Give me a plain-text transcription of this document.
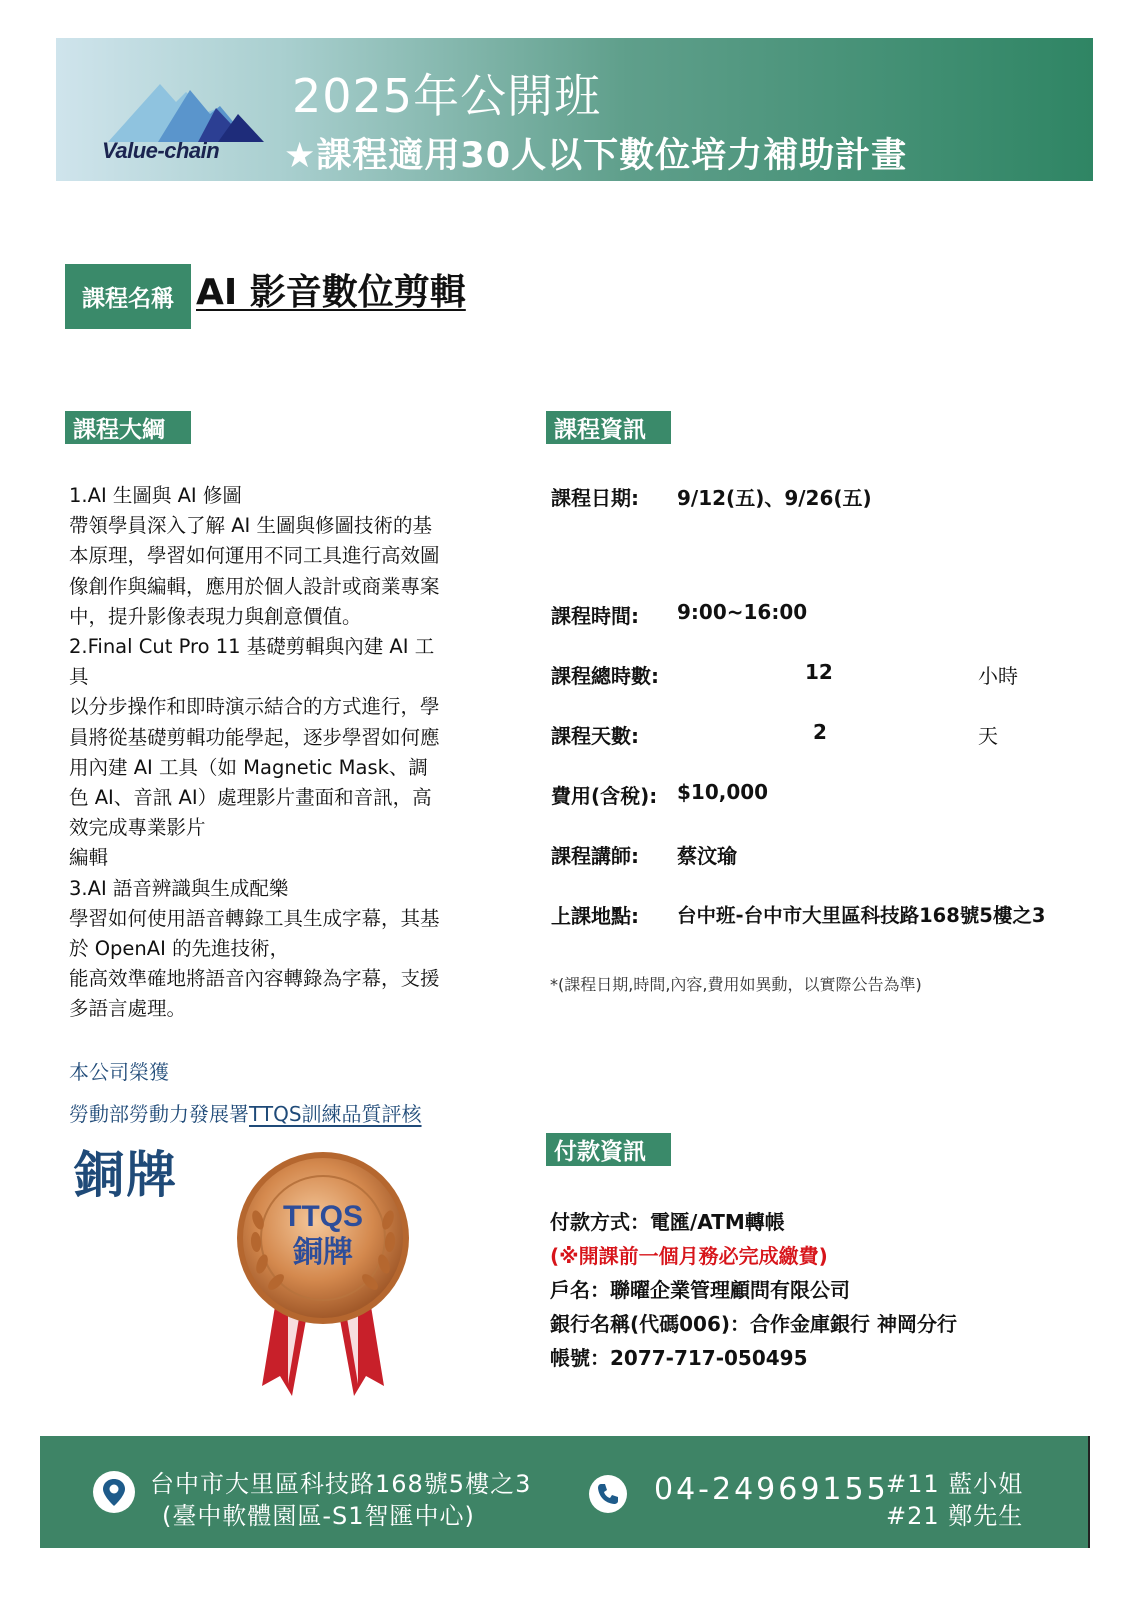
Value-chain
2025年公開班
★課程適用30人以下數位培力補助計畫
課程名稱 AI 影音數位剪輯
課程大綱	課程資訊

1.AI 生圖與 AI 修圖

帶領學員深入了解 AI 生圖與修圖技術的基

本原理，學習如何運用不同工具進行高效圖

像創作與編輯，應用於個人設計或商業專案

中，提升影像表現力與創意價值。

2.Final Cut Pro 11 基礎剪輯與內建 AI 工

具

以分步操作和即時演示結合的方式進行，學

員將從基礎剪輯功能學起，逐步學習如何應

用內建 AI 工具（如 Magnetic Mask、調

色 AI、音訊 AI）處理影片畫面和音訊，高

效完成專業影片

編輯

3.AI 語音辨識與生成配樂

學習如何使用語音轉錄工具生成字幕，其基

於 OpenAI 的先進技術，

能高效準確地將語音內容轉錄為字幕，支援

多語言處理。

課程日期: 9/12(五)、9/26(五)
課程時間: 9:00~16:00
課程總時數:	12	小時
課程天數:	2	天
費用(含稅): $10,000
課程講師: 蔡汶瑜
上課地點: 台中班-台中市大里區科技路168號5樓之3
*(課程日期,時間,內容,費用如異動，以實際公告為準)
本公司榮獲
勞動部勞動力發展署TTQS訓練品質評核
銅牌
TTQS
銅牌
付款資訊
付款方式：電匯/ATM轉帳
(※開課前一個月務必完成繳費)
戶名：聯曜企業管理顧問有限公司
銀行名稱(代碼006)：合作金庫銀行 神岡分行
帳號：2077-717-050495
台中市大里區科技路168號5樓之3
(臺中軟體園區-S1智匯中心)
04-24969155
#11 藍小姐
#21 鄭先生
